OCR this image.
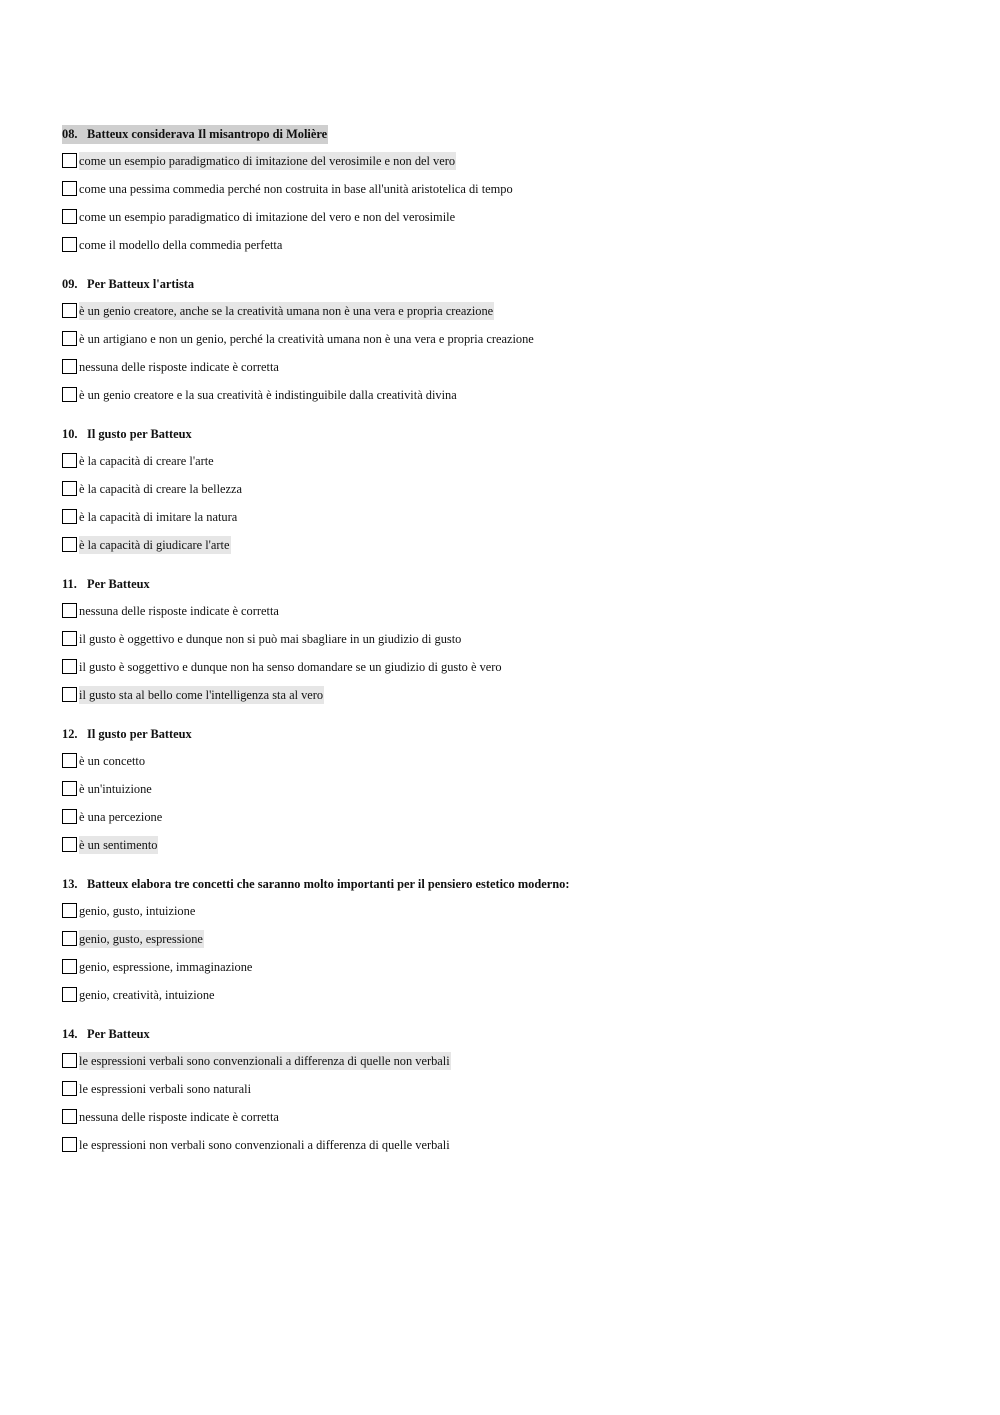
08. Batteux considerava Il misantropo di Molière
come un esempio paradigmatico di imitazione del verosimile e non del vero
come una pessima commedia perché non costruita in base all'unità aristotelica di tempo
come un esempio paradigmatico di imitazione del vero e non del verosimile
come il modello della commedia perfetta
09. Per Batteux l'artista
è un genio creatore, anche se la creatività umana non è una vera e propria creazione
è un artigiano e non un genio, perché la creatività umana non è una vera e propria creazione
nessuna delle risposte indicate è corretta
è un genio creatore e la sua creatività è indistinguibile dalla creatività divina
10. Il gusto per Batteux
è la capacità di creare l'arte
è la capacità di creare la bellezza
è la capacità di imitare la natura
è la capacità di giudicare l'arte
11. Per Batteux
nessuna delle risposte indicate è corretta
il gusto è oggettivo e dunque non si può mai sbagliare in un giudizio di gusto
il gusto è soggettivo e dunque non ha senso domandare se un giudizio di gusto è vero
il gusto sta al bello come l'intelligenza sta al vero
12. Il gusto per Batteux
è un concetto
è un'intuizione
è una percezione
è un sentimento
13. Batteux elabora tre concetti che saranno molto importanti per il pensiero estetico moderno:
genio, gusto, intuizione
genio, gusto, espressione
genio, espressione, immaginazione
genio, creatività, intuizione
14. Per Batteux
le espressioni verbali sono convenzionali a differenza di quelle non verbali
le espressioni verbali sono naturali
nessuna delle risposte indicate è corretta
le espressioni non verbali sono convenzionali a differenza di quelle verbali
